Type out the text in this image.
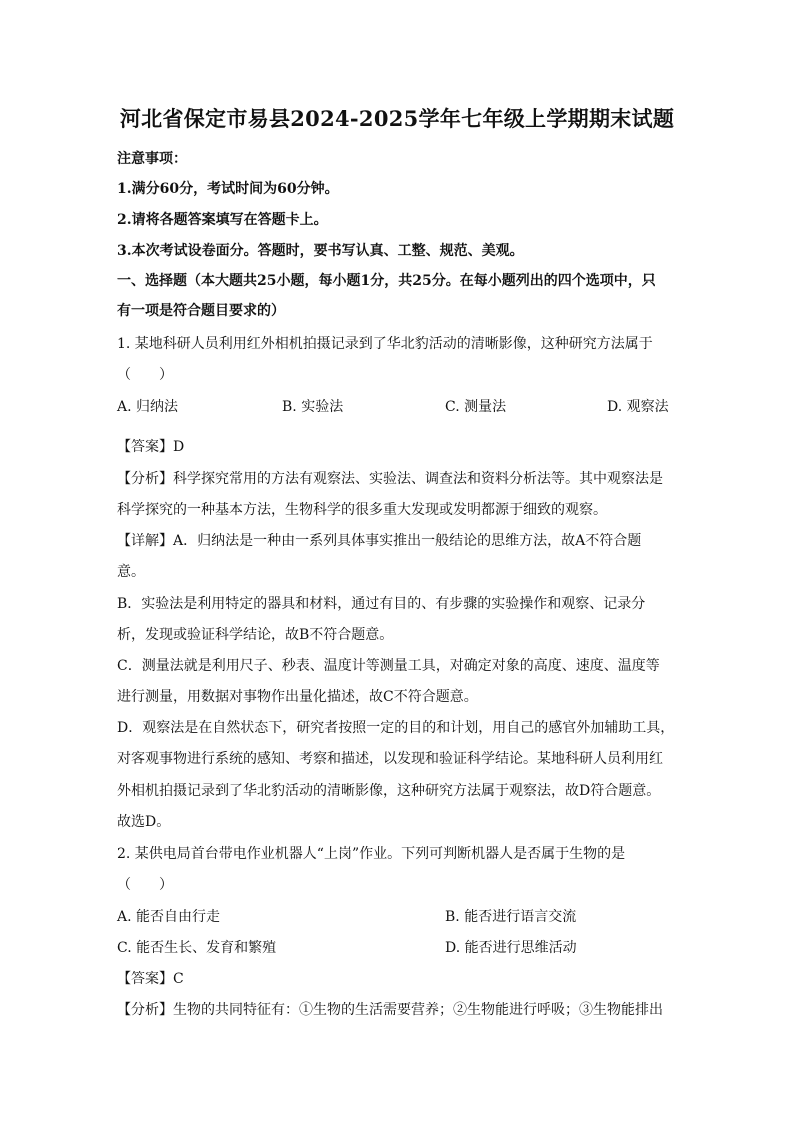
河北省保定市易县2024-2025学年七年级上学期期末试题
注意事项：
1.满分60分，考试时间为60分钟。
2.请将各题答案填写在答题卡上。
3.本次考试设卷面分。答题时，要书写认真、工整、规范、美观。
一、选择题（本大题共25小题，每小题1分，共25分。在每小题列出的四个选项中，只
有一项是符合题目要求的）
1. 某地科研人员利用红外相机拍摄记录到了华北豹活动的清晰影像，这种研究方法属于
（　　）
A. 归纳法	B. 实验法	C. 测量法	D. 观察法
【答案】D
【分析】科学探究常用的方法有观察法、实验法、调查法和资料分析法等。其中观察法是
科学探究的一种基本方法，生物科学的很多重大发现或发明都源于细致的观察。
【详解】A．归纳法是一种由一系列具体事实推出一般结论的思维方法，故A不符合题
意。
B．实验法是利用特定的器具和材料，通过有目的、有步骤的实验操作和观察、记录分
析，发现或验证科学结论，故B不符合题意。
C．测量法就是利用尺子、秒表、温度计等测量工具，对确定对象的高度、速度、温度等
进行测量，用数据对事物作出量化描述，故C不符合题意。
D．观察法是在自然状态下，研究者按照一定的目的和计划，用自己的感官外加辅助工具，
对客观事物进行系统的感知、考察和描述，以发现和验证科学结论。某地科研人员利用红
外相机拍摄记录到了华北豹活动的清晰影像，这种研究方法属于观察法，故D符合题意。
故选D。
2. 某供电局首台带电作业机器人“上岗”作业。下列可判断机器人是否属于生物的是
（　　）
A. 能否自由行走	B. 能否进行语言交流
C. 能否生长、发育和繁殖	D. 能否进行思维活动
【答案】C
【分析】生物的共同特征有：①生物的生活需要营养；②生物能进行呼吸；③生物能排出
